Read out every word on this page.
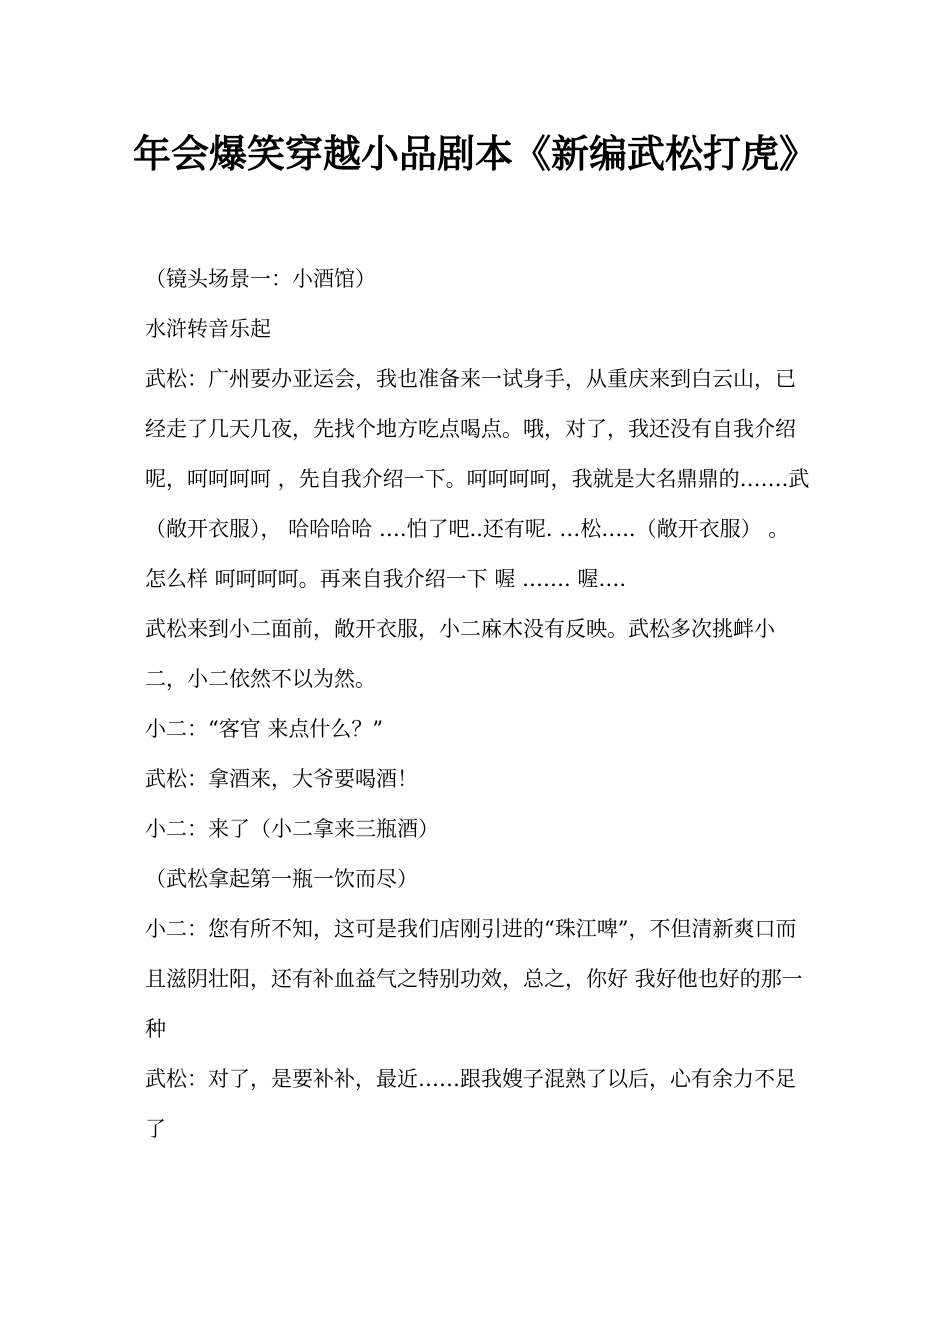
年会爆笑穿越小品剧本《新编武松打虎》

（镜头场景一：小酒馆）

水浒转音乐起

武松：广州要办亚运会，我也准备来一试身手，从重庆来到白云山，已经走了几天几夜，先找个地方吃点喝点。哦，对了，我还没有自我介绍呢，呵呵呵呵 ，先自我介绍一下。呵呵呵呵，我就是大名鼎鼎的…….武（敞开衣服）， 哈哈哈哈 ….怕了吧..还有呢. …松…..（敞开衣服） 。怎么样 呵呵呵呵。再来自我介绍一下 喔 ……. 喔….

武松来到小二面前，敞开衣服，小二麻木没有反映。武松多次挑衅小二，小二依然不以为然。

小二：“客官 来点什么？”

武松：拿酒来，大爷要喝酒！

小二：来了（小二拿来三瓶酒）

（武松拿起第一瓶一饮而尽）

小二：您有所不知，这可是我们店刚引进的“珠江啤”，不但清新爽口而且滋阴壮阳，还有补血益气之特别功效，总之，你好 我好他也好的那一种

武松：对了，是要补补，最近……跟我嫂子混熟了以后，心有余力不足了
